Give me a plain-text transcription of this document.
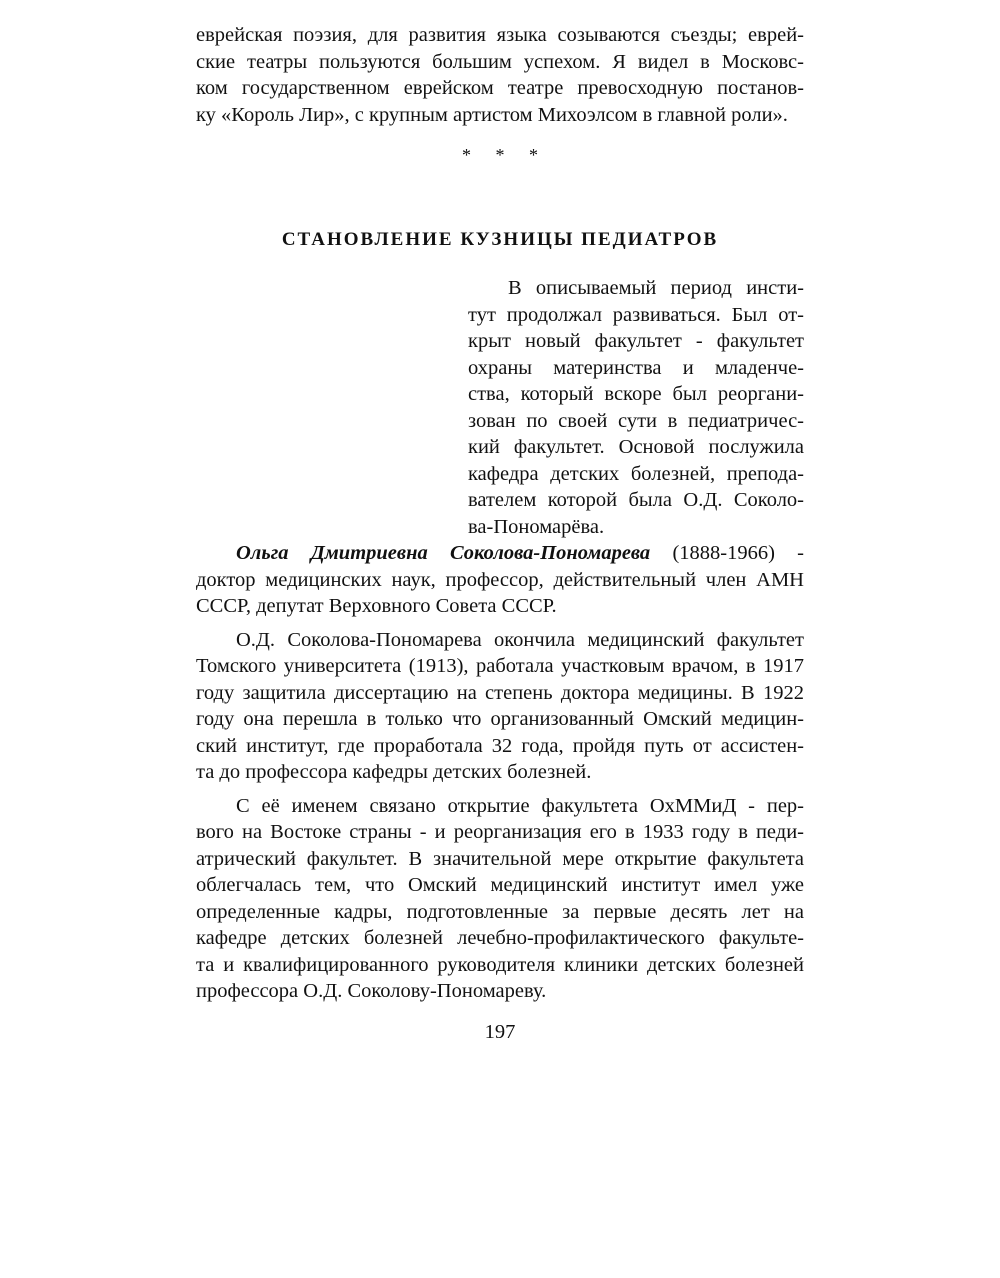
еврейская поэзия, для развития языка созываются съезды; еврей-
ские театры пользуются большим успехом. Я видел в Московс-
ком государственном еврейском театре превосходную постанов-
ку «Король Лир», с крупным артистом Михоэлсом в главной роли».
* * *
СТАНОВЛЕНИЕ КУЗНИЦЫ ПЕДИАТРОВ
В описываемый период инсти-
тут продолжал развиваться. Был от-
крыт новый факультет - факультет
охраны материнства и младенче-
ства, который вскоре был реоргани-
зован по своей сути в педиатричес-
кий факультет. Основой послужила
кафедра детских болезней, препода-
вателем которой была О.Д. Соколо-
ва-Пономарёва.
Ольга Дмитриевна Соколова-Пономарева (1888-1966) -
доктор медицинских наук, профессор, действительный член АМН
СССР, депутат Верховного Совета СССР.
О.Д. Соколова-Пономарева окончила медицинский факультет
Томского университета (1913), работала участковым врачом, в 1917
году защитила диссертацию на степень доктора медицины. В 1922
году она перешла в только что организованный Омский медицин-
ский институт, где проработала 32 года, пройдя путь от ассистен-
та до профессора кафедры детских болезней.
С её именем связано открытие факультета ОхММиД - пер-
вого на Востоке страны - и реорганизация его в 1933 году в педи-
атрический факультет. В значительной мере открытие факультета
облегчалась тем, что Омский медицинский институт имел уже
определенные кадры, подготовленные за первые десять лет на
кафедре детских болезней лечебно-профилактического факульте-
та и квалифицированного руководителя клиники детских болезней
профессора О.Д. Соколову-Пономареву.
197
